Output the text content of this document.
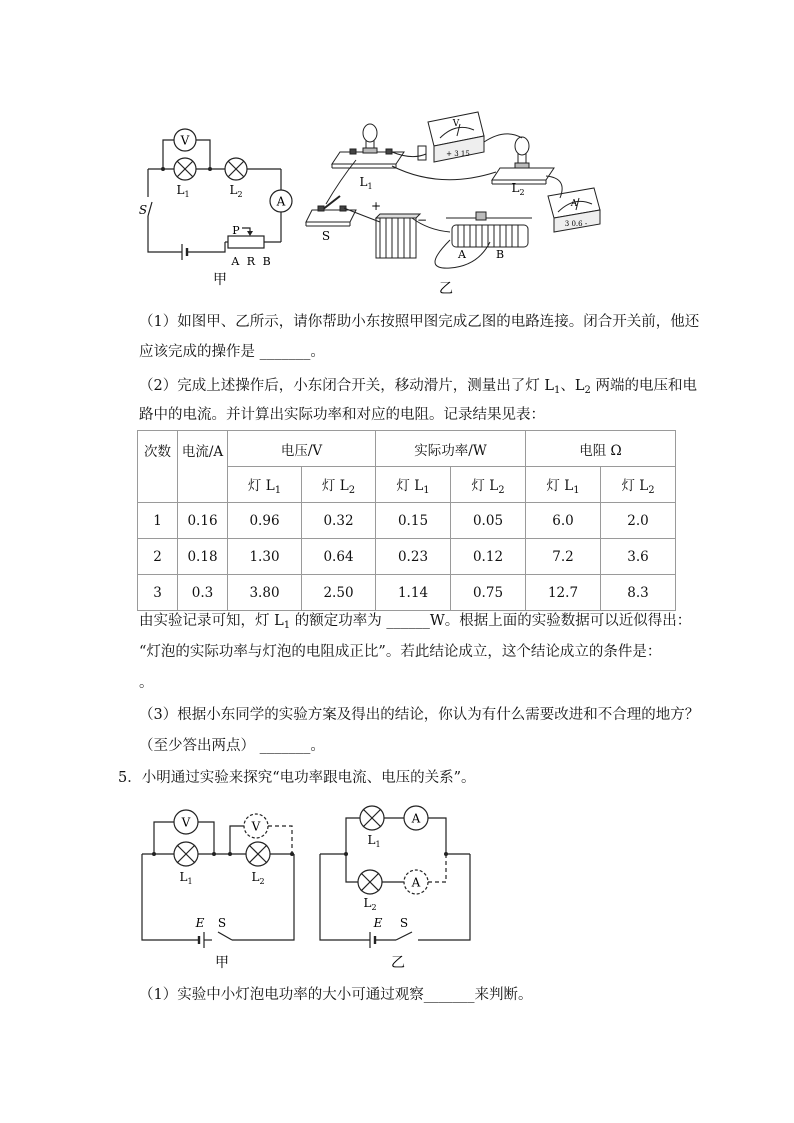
V
A
$L_1$	$L_2$
S
P
A R B
甲
$L_1$	$L_2$
S
V
+ 3 15
A
3 0.6 -
+
−
A	B
乙
（1）如图甲、乙所示，请你帮助小东按照甲图完成乙图的电路连接。闭合开关前，他还
应该完成的操作是 _______。
（2）完成上述操作后，小东闭合开关，移动滑片，测量出了灯 $L_1$、$L_2$ 两端的电压和电
路中的电流。并计算出实际功率和对应的电阻。记录结果见表：
次数	电流/A	电压/V		实际功率/W		电阻 Ω	
		灯 $L_1$	灯 $L_2$	灯 $L_1$	灯 $L_2$	灯 $L_1$	灯 $L_2$
1	0.16	0.96	0.32	0.15	0.05	6.0	2.0
2	0.18	1.30	0.64	0.23	0.12	7.2	3.6
3	0.3	3.80	2.50	1.14	0.75	12.7	8.3
由实验记录可知，灯 $L_1$ 的额定功率为 ______W。根据上面的实验数据可以近似得出：
“灯泡的实际功率与灯泡的电阻成正比”。若此结论成立，这个结论成立的条件是：
。
（3）根据小东同学的实验方案及得出的结论，你认为有什么需要改进和不合理的地方？
（至少答出两点） _______。
5．小明通过实验来探究“电功率跟电流、电压的关系”。
V	V
$L_1$	$L_2$
E S
甲
A
A
$L_1$
$L_2$
E S
乙
（1）实验中小灯泡电功率的大小可通过观察_______来判断。
